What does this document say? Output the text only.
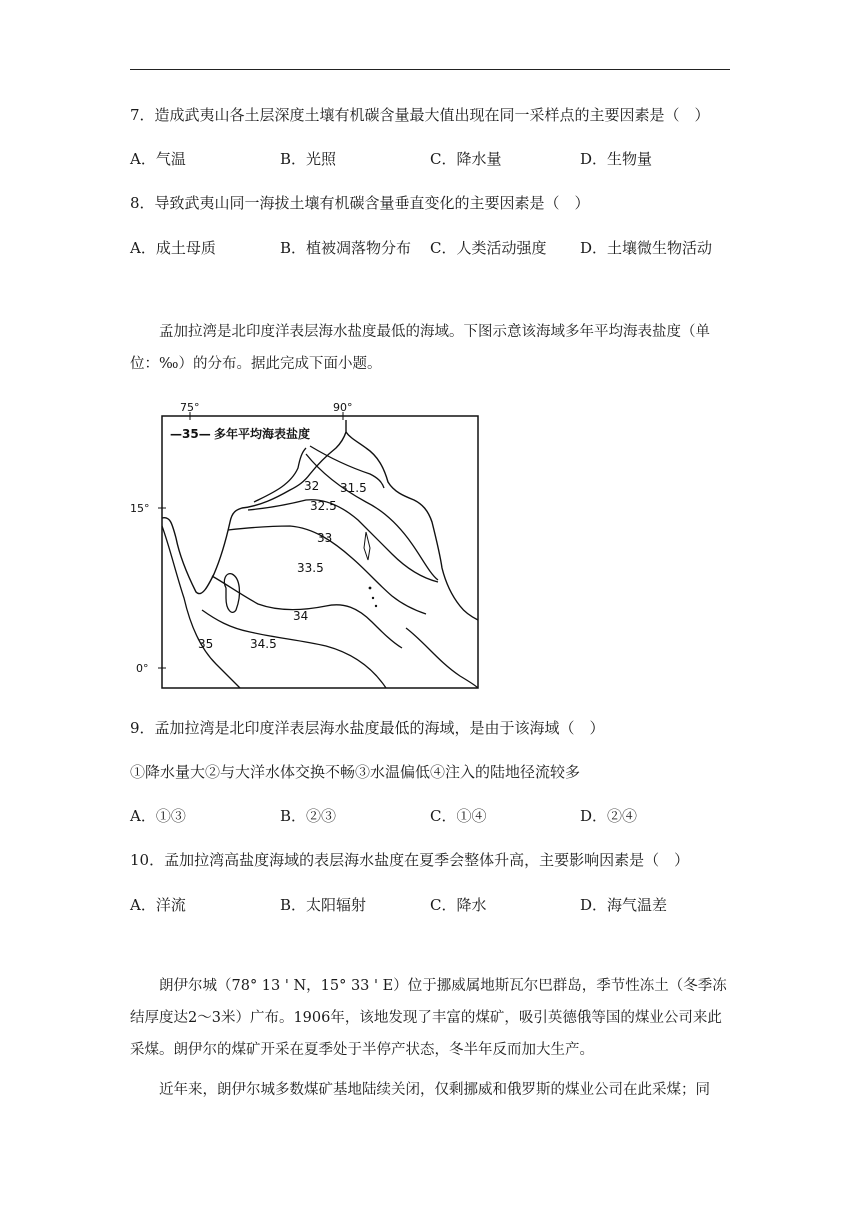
7．造成武夷山各土层深度土壤有机碳含量最大值出现在同一采样点的主要因素是（　）
A．气温	B．光照	C．降水量	D．生物量
8．导致武夷山同一海拔土壤有机碳含量垂直变化的主要因素是（　）
A．成土母质	B．植被凋落物分布 C．人类活动强度 D．土壤微生物活动

孟加拉湾是北印度洋表层海水盐度最低的海域。下图示意该海域多年平均海表盐度（单位：‰）的分布。据此完成下面小题。

75°	90°
15°
0°
—35— 多年平均海表盐度
31.5
32
32.5
33
33.5
34
34.5
35
9．孟加拉湾是北印度洋表层海水盐度最低的海域，是由于该海域（　）
①降水量大②与大洋水体交换不畅③水温偏低④注入的陆地径流较多
A．①③	B．②③	C．①④	D．②④
10．孟加拉湾高盐度海域的表层海水盐度在夏季会整体升高，主要影响因素是（　）
A．洋流	B．太阳辐射	C．降水	D．海气温差

朗伊尔城（78° 13 ' N，15° 33 ' E）位于挪威属地斯瓦尔巴群岛，季节性冻土（冬季冻结厚度达2～3米）广布。1906年，该地发现了丰富的煤矿，吸引英德俄等国的煤业公司来此采煤。朗伊尔的煤矿开采在夏季处于半停产状态，冬半年反而加大生产。

近年来，朗伊尔城多数煤矿基地陆续关闭，仅剩挪威和俄罗斯的煤业公司在此采煤；同
